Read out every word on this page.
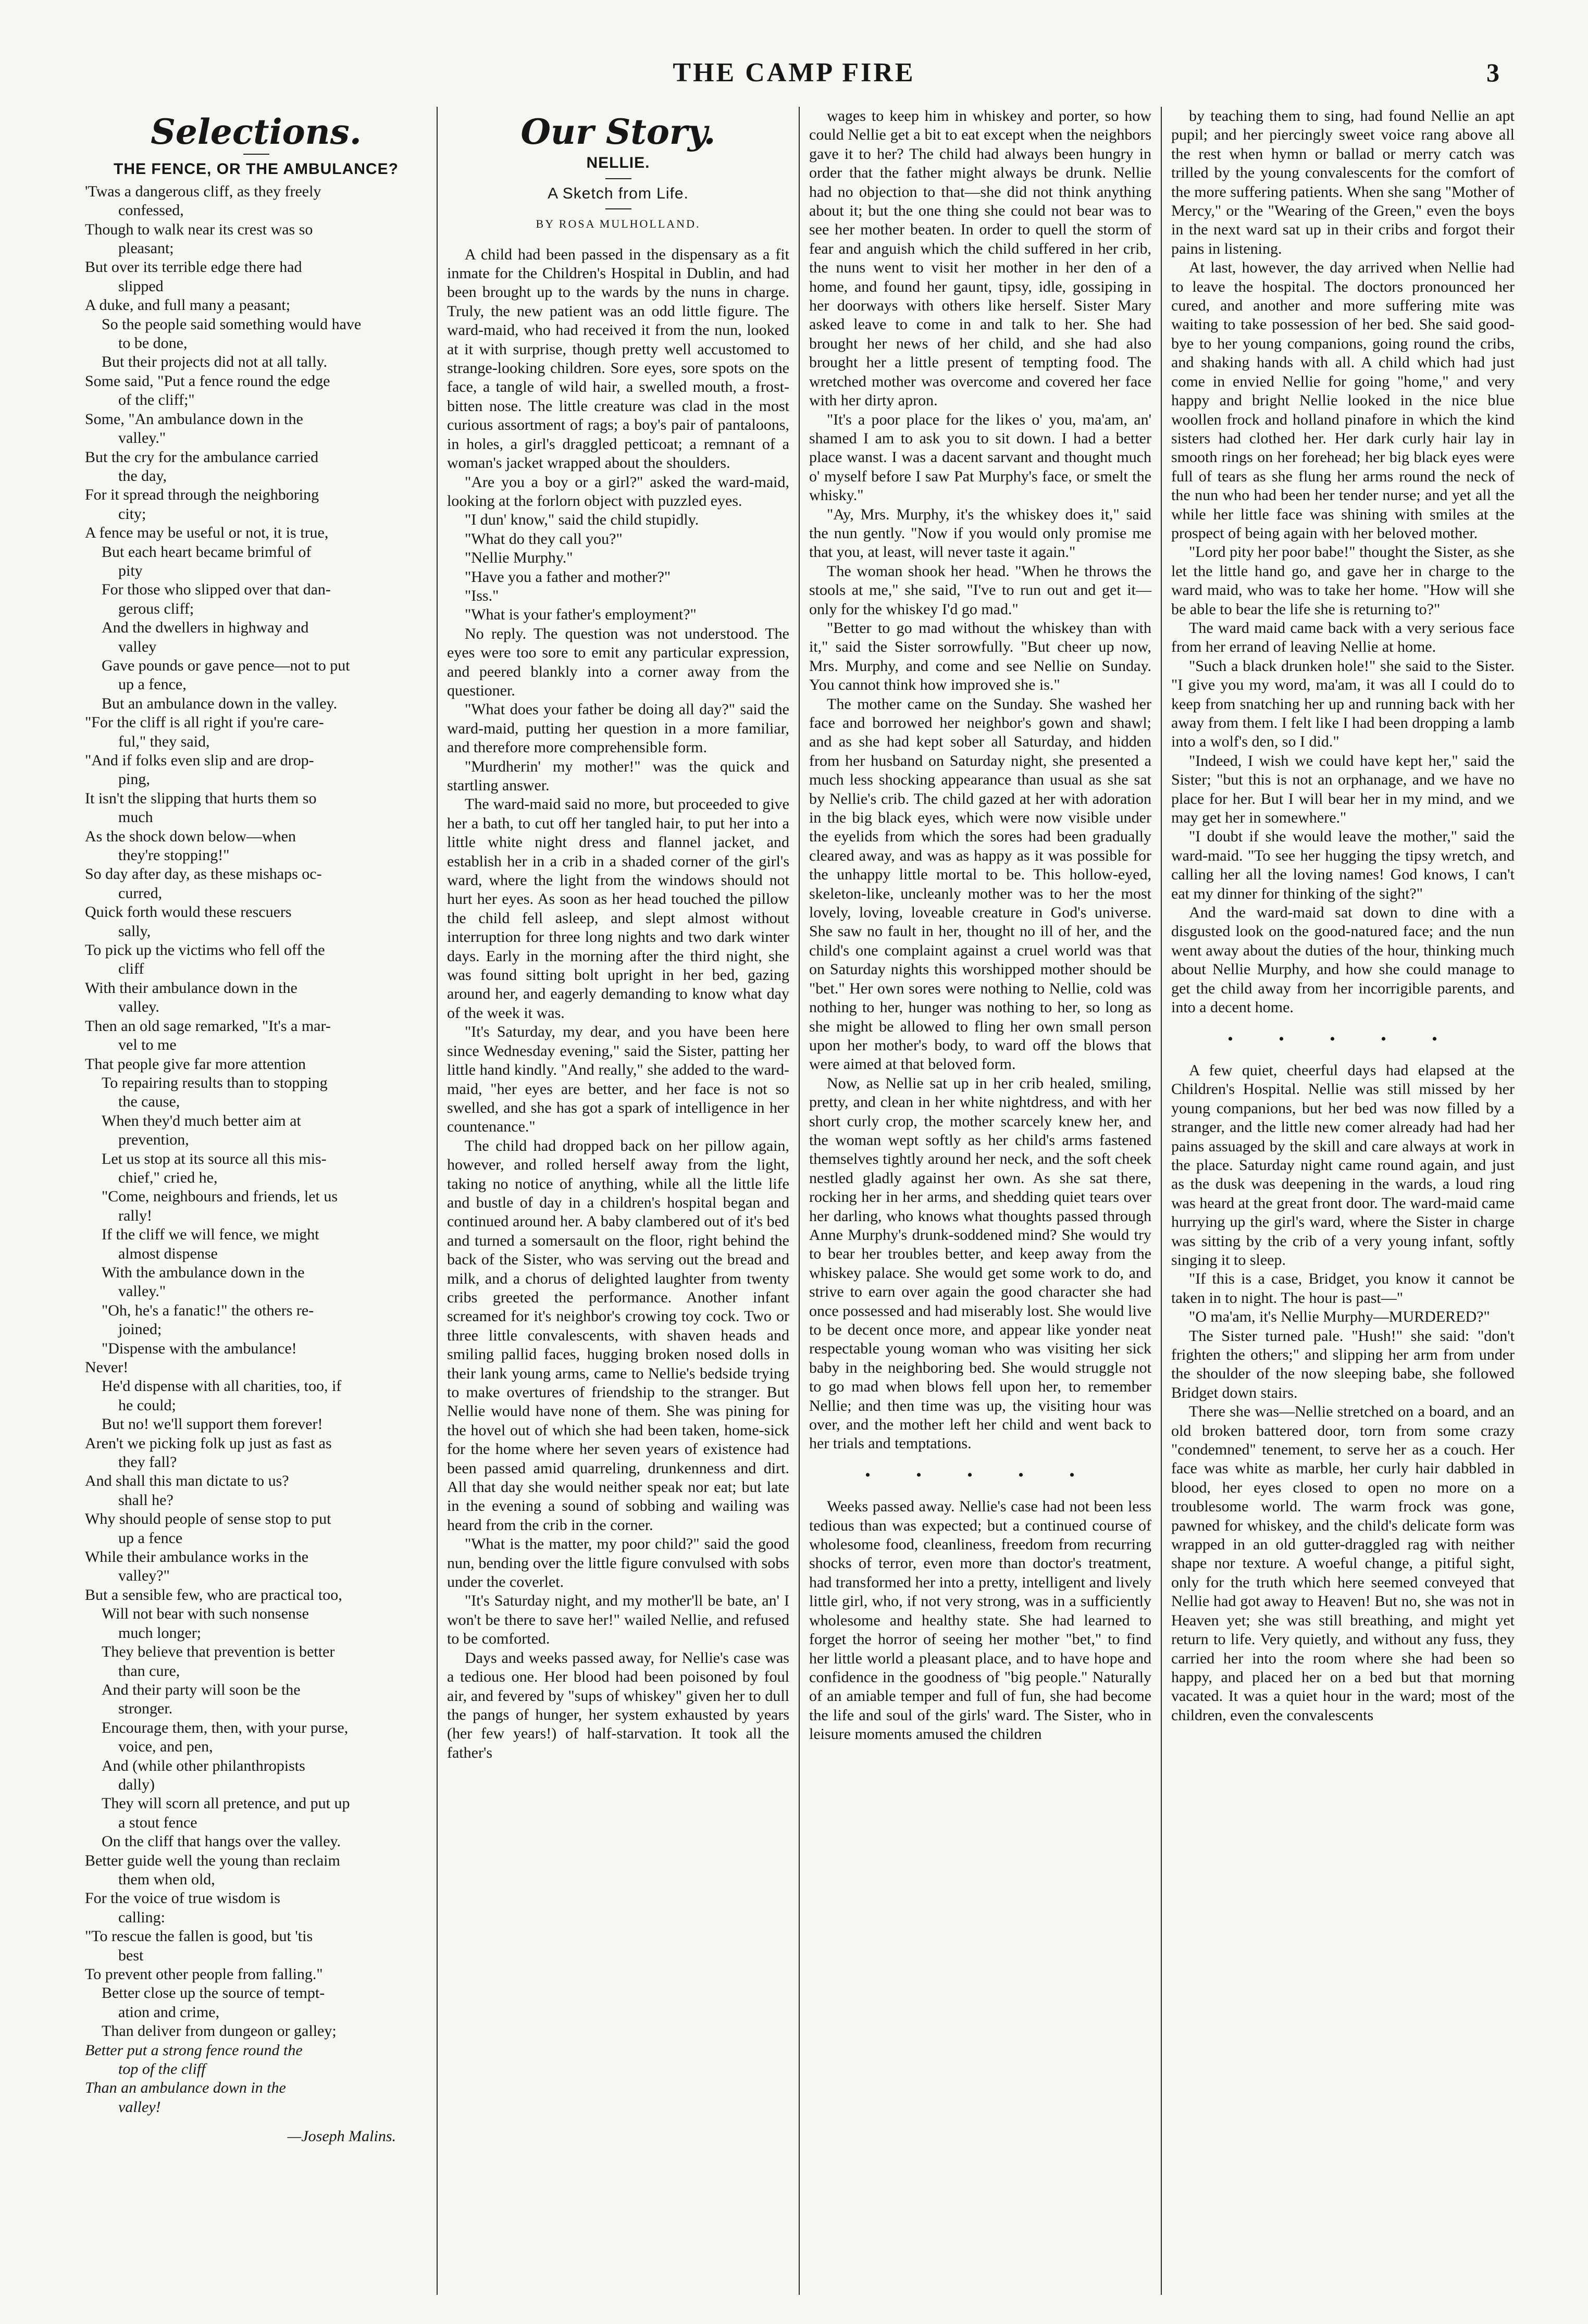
THE CAMP FIRE	3
Selections.
THE FENCE, OR THE AMBULANCE?
'Twas a dangerous cliff, as they freely
confessed,
Though to walk near its crest was so
pleasant;
But over its terrible edge there had
slipped
A duke, and full many a peasant;
So the people said something would have
to be done,
But their projects did not at all tally.
Some said, "Put a fence round the edge
of the cliff;"
Some, "An ambulance down in the
valley."
But the cry for the ambulance carried
the day,
For it spread through the neighboring
city;
A fence may be useful or not, it is true,
But each heart became brimful of
pity
For those who slipped over that dan-
gerous cliff;
And the dwellers in highway and
valley
Gave pounds or gave pence—not to put
up a fence,
But an ambulance down in the valley.
"For the cliff is all right if you're care-
ful," they said,
"And if folks even slip and are drop-
ping,
It isn't the slipping that hurts them so
much
As the shock down below—when
they're stopping!"
So day after day, as these mishaps oc-
curred,
Quick forth would these rescuers
sally,
To pick up the victims who fell off the
cliff
With their ambulance down in the
valley.
Then an old sage remarked, "It's a mar-
vel to me
That people give far more attention
To repairing results than to stopping
the cause,
When they'd much better aim at
prevention,
Let us stop at its source all this mis-
chief," cried he,
"Come, neighbours and friends, let us
rally!
If the cliff we will fence, we might
almost dispense
With the ambulance down in the
valley."
"Oh, he's a fanatic!" the others re-
joined;
"Dispense with the ambulance!
Never!
He'd dispense with all charities, too, if
he could;
But no! we'll support them forever!
Aren't we picking folk up just as fast as
they fall?
And shall this man dictate to us?
shall he?
Why should people of sense stop to put
up a fence
While their ambulance works in the
valley?"
But a sensible few, who are practical too,
Will not bear with such nonsense
much longer;
They believe that prevention is better
than cure,
And their party will soon be the
stronger.
Encourage them, then, with your purse,
voice, and pen,
And (while other philanthropists
dally)
They will scorn all pretence, and put up
a stout fence
On the cliff that hangs over the valley.
Better guide well the young than reclaim
them when old,
For the voice of true wisdom is
calling:
"To rescue the fallen is good, but 'tis
best
To prevent other people from falling."
Better close up the source of tempt-
ation and crime,
Than deliver from dungeon or galley;
Better put a strong fence round the
top of the cliff
Than an ambulance down in the
valley!
—Joseph Malins.
Our Story.
NELLIE.
A Sketch from Life.
BY ROSA MULHOLLAND.

A child had been passed in the dispensary as a fit inmate for the Children's Hospital in Dublin, and had been brought up to the wards by the nuns in charge. Truly, the new patient was an odd little figure. The ward-maid, who had received it from the nun, looked at it with surprise, though pretty well accustomed to strange-looking children. Sore eyes, sore spots on the face, a tangle of wild hair, a swelled mouth, a frost-bitten nose. The little creature was clad in the most curious assortment of rags; a boy's pair of pantaloons, in holes, a girl's draggled petticoat; a remnant of a woman's jacket wrapped about the shoulders.

"Are you a boy or a girl?" asked the ward-maid, looking at the forlorn object with puzzled eyes.

"I dun' know," said the child stupidly.

"What do they call you?"

"Nellie Murphy."

"Have you a father and mother?"

"Iss."

"What is your father's employment?"

No reply. The question was not understood. The eyes were too sore to emit any particular expression, and peered blankly into a corner away from the questioner.

"What does your father be doing all day?" said the ward-maid, putting her question in a more familiar, and therefore more comprehensible form.

"Murdherin' my mother!" was the quick and startling answer.

The ward-maid said no more, but proceeded to give her a bath, to cut off her tangled hair, to put her into a little white night dress and flannel jacket, and establish her in a crib in a shaded corner of the girl's ward, where the light from the windows should not hurt her eyes. As soon as her head touched the pillow the child fell asleep, and slept almost without interruption for three long nights and two dark winter days. Early in the morning after the third night, she was found sitting bolt upright in her bed, gazing around her, and eagerly demanding to know what day of the week it was.

"It's Saturday, my dear, and you have been here since Wednesday evening," said the Sister, patting her little hand kindly. "And really," she added to the ward-maid, "her eyes are better, and her face is not so swelled, and she has got a spark of intelligence in her countenance."

The child had dropped back on her pillow again, however, and rolled herself away from the light, taking no notice of anything, while all the little life and bustle of day in a children's hospital began and continued around her. A baby clambered out of it's bed and turned a somersault on the floor, right behind the back of the Sister, who was serving out the bread and milk, and a chorus of delighted laughter from twenty cribs greeted the performance. Another infant screamed for it's neighbor's crowing toy cock. Two or three little convalescents, with shaven heads and smiling pallid faces, hugging broken nosed dolls in their lank young arms, came to Nellie's bedside trying to make overtures of friendship to the stranger. But Nellie would have none of them. She was pining for the hovel out of which she had been taken, home-sick for the home where her seven years of existence had been passed amid quarreling, drunkenness and dirt. All that day she would neither speak nor eat; but late in the evening a sound of sobbing and wailing was heard from the crib in the corner.

"What is the matter, my poor child?" said the good nun, bending over the little figure convulsed with sobs under the coverlet.

"It's Saturday night, and my mother'll be bate, an' I won't be there to save her!" wailed Nellie, and refused to be comforted.

Days and weeks passed away, for Nellie's case was a tedious one. Her blood had been poisoned by foul air, and fevered by "sups of whiskey" given her to dull the pangs of hunger, her system exhausted by years (her few years!) of half-starvation. It took all the father's

wages to keep him in whiskey and porter, so how could Nellie get a bit to eat except when the neighbors gave it to her? The child had always been hungry in order that the father might always be drunk. Nellie had no objection to that—she did not think anything about it; but the one thing she could not bear was to see her mother beaten. In order to quell the storm of fear and anguish which the child suffered in her crib, the nuns went to visit her mother in her den of a home, and found her gaunt, tipsy, idle, gossiping in her doorways with others like herself. Sister Mary asked leave to come in and talk to her. She had brought her news of her child, and she had also brought her a little present of tempting food. The wretched mother was overcome and covered her face with her dirty apron.

"It's a poor place for the likes o' you, ma'am, an' shamed I am to ask you to sit down. I had a better place wanst. I was a dacent sarvant and thought much o' myself before I saw Pat Murphy's face, or smelt the whisky."

"Ay, Mrs. Murphy, it's the whiskey does it," said the nun gently. "Now if you would only promise me that you, at least, will never taste it again."

The woman shook her head. "When he throws the stools at me," she said, "I've to run out and get it—only for the whiskey I'd go mad."

"Better to go mad without the whiskey than with it," said the Sister sorrowfully. "But cheer up now, Mrs. Murphy, and come and see Nellie on Sunday. You cannot think how improved she is."

The mother came on the Sunday. She washed her face and borrowed her neighbor's gown and shawl; and as she had kept sober all Saturday, and hidden from her husband on Saturday night, she presented a much less shocking appearance than usual as she sat by Nellie's crib. The child gazed at her with adoration in the big black eyes, which were now visible under the eyelids from which the sores had been gradually cleared away, and was as happy as it was possible for the unhappy little mortal to be. This hollow-eyed, skeleton-like, uncleanly mother was to her the most lovely, loving, loveable creature in God's universe. She saw no fault in her, thought no ill of her, and the child's one complaint against a cruel world was that on Saturday nights this worshipped mother should be "bet." Her own sores were nothing to Nellie, cold was nothing to her, hunger was nothing to her, so long as she might be allowed to fling her own small person upon her mother's body, to ward off the blows that were aimed at that beloved form.

Now, as Nellie sat up in her crib healed, smiling, pretty, and clean in her white nightdress, and with her short curly crop, the mother scarcely knew her, and the woman wept softly as her child's arms fastened themselves tightly around her neck, and the soft cheek nestled gladly against her own. As she sat there, rocking her in her arms, and shedding quiet tears over her darling, who knows what thoughts passed through Anne Murphy's drunk-soddened mind? She would try to bear her troubles better, and keep away from the whiskey palace. She would get some work to do, and strive to earn over again the good character she had once possessed and had miserably lost. She would live to be decent once more, and appear like yonder neat respectable young woman who was visiting her sick baby in the neighboring bed. She would struggle not to go mad when blows fell upon her, to remember Nellie; and then time was up, the visiting hour was over, and the mother left her child and went back to her trials and temptations.

• • • • •

Weeks passed away. Nellie's case had not been less tedious than was expected; but a continued course of wholesome food, cleanliness, freedom from recurring shocks of terror, even more than doctor's treatment, had transformed her into a pretty, intelligent and lively little girl, who, if not very strong, was in a sufficiently wholesome and healthy state. She had learned to forget the horror of seeing her mother "bet," to find her little world a pleasant place, and to have hope and confidence in the goodness of "big people." Naturally of an amiable temper and full of fun, she had become the life and soul of the girls' ward. The Sister, who in leisure moments amused the children

by teaching them to sing, had found Nellie an apt pupil; and her piercingly sweet voice rang above all the rest when hymn or ballad or merry catch was trilled by the young convalescents for the comfort of the more suffering patients. When she sang "Mother of Mercy," or the "Wearing of the Green," even the boys in the next ward sat up in their cribs and forgot their pains in listening.

At last, however, the day arrived when Nellie had to leave the hospital. The doctors pronounced her cured, and another and more suffering mite was waiting to take possession of her bed. She said good-bye to her young companions, going round the cribs, and shaking hands with all. A child which had just come in envied Nellie for going "home," and very happy and bright Nellie looked in the nice blue woollen frock and holland pinafore in which the kind sisters had clothed her. Her dark curly hair lay in smooth rings on her forehead; her big black eyes were full of tears as she flung her arms round the neck of the nun who had been her tender nurse; and yet all the while her little face was shining with smiles at the prospect of being again with her beloved mother.

"Lord pity her poor babe!" thought the Sister, as she let the little hand go, and gave her in charge to the ward maid, who was to take her home. "How will she be able to bear the life she is returning to?"

The ward maid came back with a very serious face from her errand of leaving Nellie at home.

"Such a black drunken hole!" she said to the Sister. "I give you my word, ma'am, it was all I could do to keep from snatching her up and running back with her away from them. I felt like I had been dropping a lamb into a wolf's den, so I did."

"Indeed, I wish we could have kept her," said the Sister; "but this is not an orphanage, and we have no place for her. But I will bear her in my mind, and we may get her in somewhere."

"I doubt if she would leave the mother," said the ward-maid. "To see her hugging the tipsy wretch, and calling her all the loving names! God knows, I can't eat my dinner for thinking of the sight?"

And the ward-maid sat down to dine with a disgusted look on the good-natured face; and the nun went away about the duties of the hour, thinking much about Nellie Murphy, and how she could manage to get the child away from her incorrigible parents, and into a decent home.

• • • • •

A few quiet, cheerful days had elapsed at the Children's Hospital. Nellie was still missed by her young companions, but her bed was now filled by a stranger, and the little new comer already had had her pains assuaged by the skill and care always at work in the place. Saturday night came round again, and just as the dusk was deepening in the wards, a loud ring was heard at the great front door. The ward-maid came hurrying up the girl's ward, where the Sister in charge was sitting by the crib of a very young infant, softly singing it to sleep.

"If this is a case, Bridget, you know it cannot be taken in to night. The hour is past—"

"O ma'am, it's Nellie Murphy—MURDERED?"

The Sister turned pale. "Hush!" she said: "don't frighten the others;" and slipping her arm from under the shoulder of the now sleeping babe, she followed Bridget down stairs.

There she was—Nellie stretched on a board, and an old broken battered door, torn from some crazy "condemned" tenement, to serve her as a couch. Her face was white as marble, her curly hair dabbled in blood, her eyes closed to open no more on a troublesome world. The warm frock was gone, pawned for whiskey, and the child's delicate form was wrapped in an old gutter-draggled rag with neither shape nor texture. A woeful change, a pitiful sight, only for the truth which here seemed conveyed that Nellie had got away to Heaven! But no, she was not in Heaven yet; she was still breathing, and might yet return to life. Very quietly, and without any fuss, they carried her into the room where she had been so happy, and placed her on a bed but that morning vacated. It was a quiet hour in the ward; most of the children, even the convalescents
